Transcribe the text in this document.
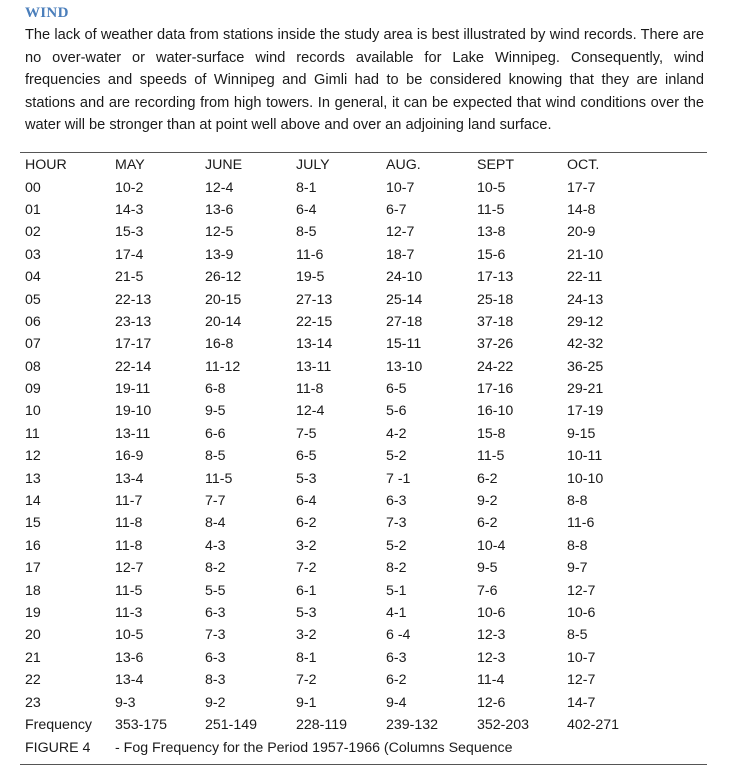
WIND
The lack of weather data from stations inside the study area is best illustrated by wind records. There are no over-water or water-surface wind records available for Lake Winnipeg. Consequently, wind frequencies and speeds of Winnipeg and Gimli had to be considered knowing that they are inland stations and are recording from high towers. In general, it can be expected that wind conditions over the water will be stronger than at point well above and over an adjoining land surface.
HOUR	MAY	JUNE	JULY	AUG.	SEPT	OCT.
00	10-2	12-4	8-1	10-7	10-5	17-7
01	14-3	13-6	6-4	6-7	11-5	14-8
02	15-3	12-5	8-5	12-7	13-8	20-9
03	17-4	13-9	11-6	18-7	15-6	21-10
04	21-5	26-12	19-5	24-10	17-13	22-11
05	22-13	20-15	27-13	25-14	25-18	24-13
06	23-13	20-14	22-15	27-18	37-18	29-12
07	17-17	16-8	13-14	15-11	37-26	42-32
08	22-14	11-12	13-11	13-10	24-22	36-25
09	19-11	6-8	11-8	6-5	17-16	29-21
10	19-10	9-5	12-4	5-6	16-10	17-19
11	13-11	6-6	7-5	4-2	15-8	9-15
12	16-9	8-5	6-5	5-2	11-5	10-11
13	13-4	11-5	5-3	7 -1	6-2	10-10
14	11-7	7-7	6-4	6-3	9-2	8-8
15	11-8	8-4	6-2	7-3	6-2	11-6
16	11-8	4-3	3-2	5-2	10-4	8-8
17	12-7	8-2	7-2	8-2	9-5	9-7
18	11-5	5-5	6-1	5-1	7-6	12-7
19	11-3	6-3	5-3	4-1	10-6	10-6
20	10-5	7-3	3-2	6 -4	12-3	8-5
21	13-6	6-3	8-1	6-3	12-3	10-7
22	13-4	8-3	7-2	6-2	11-4	12-7
23	9-3	9-2	9-1	9-4	12-6	14-7
Frequency	353-175	251-149	228-119	239-132	352-203	402-271
FIGURE 4 - Fog Frequency for the Period 1957-1966 (Columns Sequence
